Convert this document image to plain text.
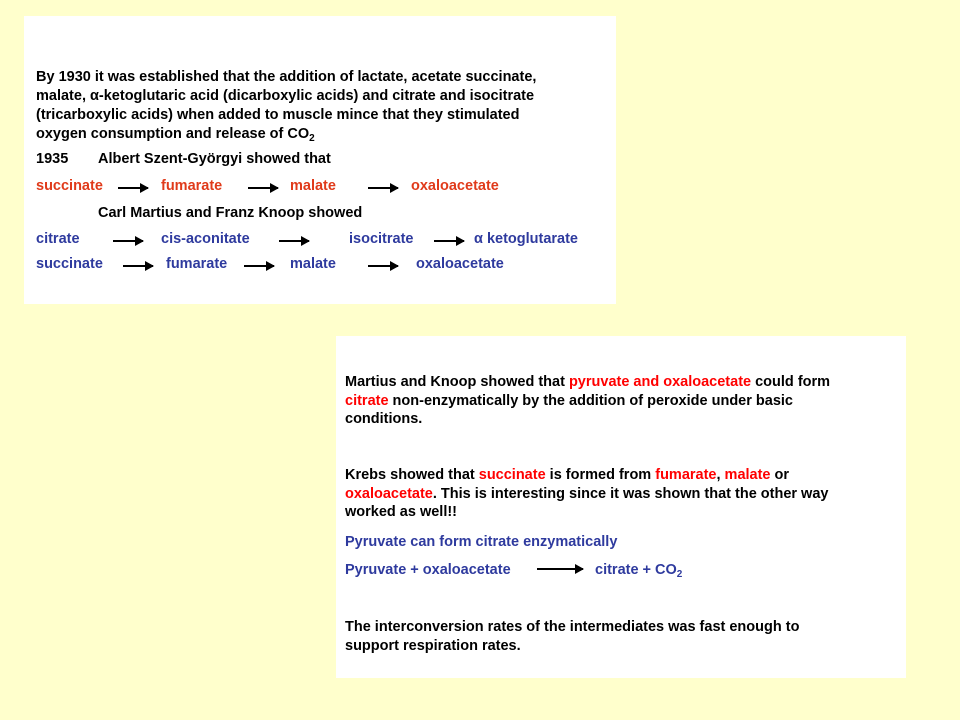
By 1930 it was established that the addition of lactate, acetate succinate,
malate, α-ketoglutaric acid (dicarboxylic acids) and citrate and isocitrate
(tricarboxylic acids) when added to muscle mince that they stimulated
oxygen consumption and release of $CO_2$
1935 Albert Szent-Györgyi showed that
succinate	fumarate	malate	oxaloacetate
Carl Martius and Franz Knoop showed
citrate	cis-aconitate	isocitrate	α ketoglutarate
succinate	fumarate	malate	oxaloacetate
Martius and Knoop showed that pyruvate and oxaloacetate could form
citrate non-enzymatically by the addition of peroxide under basic
conditions.
Krebs showed that succinate is formed from fumarate, malate or
oxaloacetate. This is interesting since it was shown that the other way
worked as well!!
Pyruvate can form citrate enzymatically
Pyruvate + oxaloacetate	citrate + $CO_2$
The interconversion rates of the intermediates was fast enough to
support respiration rates.
